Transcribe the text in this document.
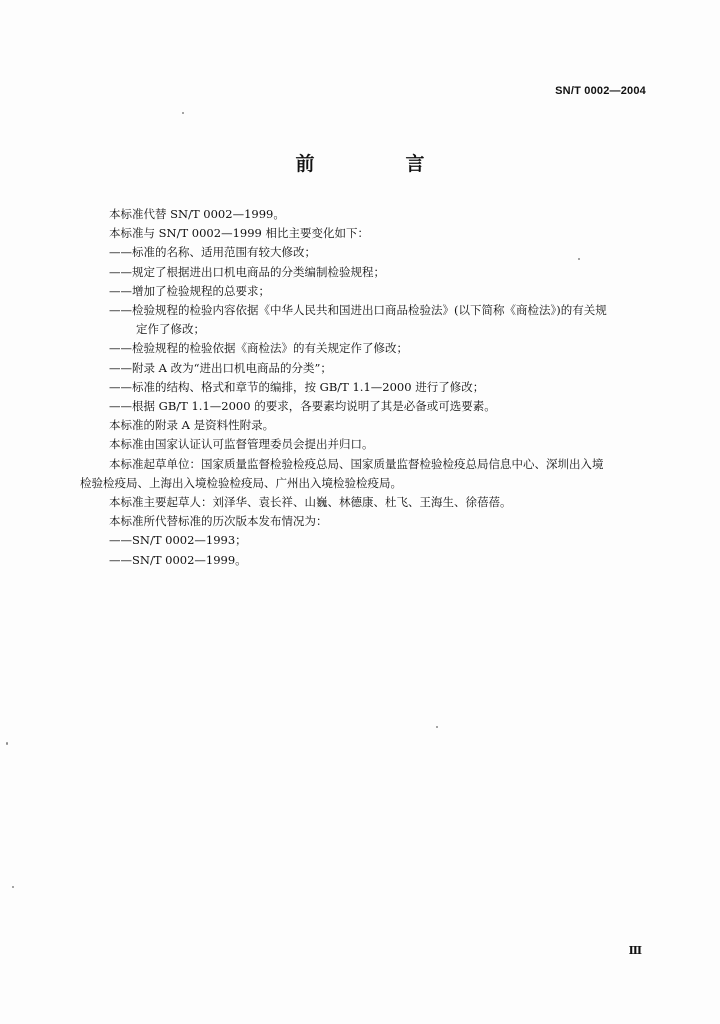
SN/T 0002—2004
前　言

本标准代替 SN/T 0002—1999。

本标准与 SN/T 0002—1999 相比主要变化如下：

——标准的名称、适用范围有较大修改；

——规定了根据进出口机电商品的分类编制检验规程；

——增加了检验规程的总要求；

——检验规程的检验内容依据《中华人民共和国进出口商品检验法》(以下简称《商检法》)的有关规

定作了修改；

——检验规程的检验依据《商检法》的有关规定作了修改；

——附录 A 改为“进出口机电商品的分类”；

——标准的结构、格式和章节的编排，按 GB/T 1.1—2000 进行了修改；

——根据 GB/T 1.1—2000 的要求，各要素均说明了其是必备或可选要素。

本标准的附录 A 是资料性附录。

本标准由国家认证认可监督管理委员会提出并归口。

本标准起草单位：国家质量监督检验检疫总局、国家质量监督检验检疫总局信息中心、深圳出入境

检验检疫局、上海出入境检验检疫局、广州出入境检验检疫局。

本标准主要起草人：刘泽华、袁长祥、山巍、林德康、杜飞、王海生、徐蓓蓓。

本标准所代替标准的历次版本发布情况为：

——SN/T 0002—1993；

——SN/T 0002—1999。

Ⅲ
